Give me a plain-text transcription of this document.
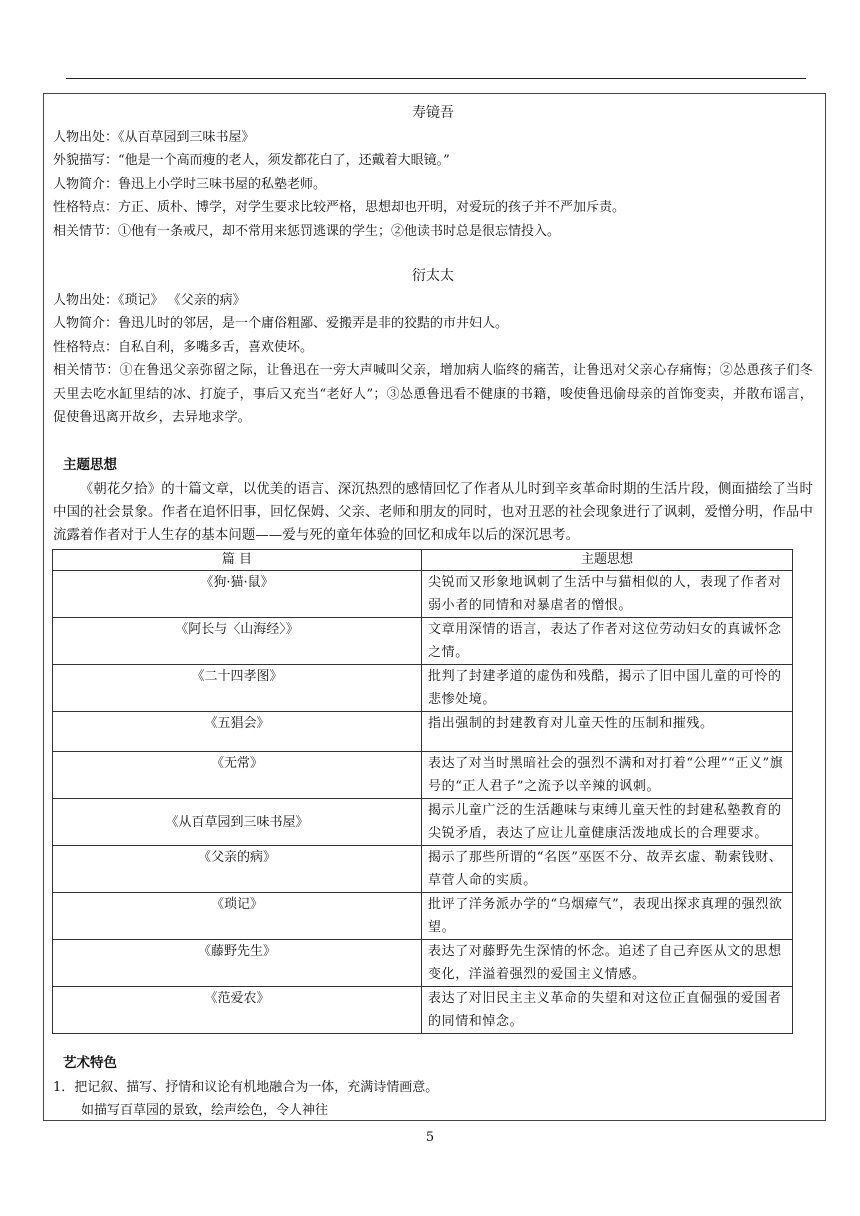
寿镜吾
人物出处：《从百草园到三味书屋》
外貌描写：“他是一个高而瘦的老人，须发都花白了，还戴着大眼镜。”
人物简介：鲁迅上小学时三味书屋的私塾老师。
性格特点：方正、质朴、博学，对学生要求比较严格，思想却也开明，对爱玩的孩子并不严加斥责。
相关情节：①他有一条戒尺，却不常用来惩罚逃课的学生；②他读书时总是很忘情投入。
衍太太
人物出处：《琐记》 《父亲的病》
人物简介：鲁迅儿时的邻居，是一个庸俗粗鄙、爱搬弄是非的狡黠的市井妇人。
性格特点：自私自利，多嘴多舌，喜欢使坏。
相关情节：①在鲁迅父亲弥留之际，让鲁迅在一旁大声喊叫父亲，增加病人临终的痛苦，让鲁迅对父亲心存痛悔；②怂恿孩子们冬天里去吃水缸里结的冰、打旋子，事后又充当“老好人”；③怂恿鲁迅看不健康的书籍，唆使鲁迅偷母亲的首饰变卖，并散布谣言，促使鲁迅离开故乡，去异地求学。
主题思想
《朝花夕拾》的十篇文章，以优美的语言、深沉热烈的感情回忆了作者从儿时到辛亥革命时期的生活片段，侧面描绘了当时中国的社会景象。作者在追怀旧事，回忆保姆、父亲、老师和朋友的同时，也对丑恶的社会现象进行了讽刺，爱憎分明，作品中流露着作者对于人生存的基本问题——爱与死的童年体验的回忆和成年以后的深沉思考。
篇 目	主题思想
《狗·猫·鼠》	尖锐而又形象地讽刺了生活中与猫相似的人，表现了作者对弱小者的同情和对暴虐者的憎恨。
《阿长与〈山海经〉》	文章用深情的语言，表达了作者对这位劳动妇女的真诚怀念之情。
《二十四孝图》	批判了封建孝道的虚伪和残酷，揭示了旧中国儿童的可怜的悲惨处境。
《五猖会》	指出强制的封建教育对儿童天性的压制和摧残。
《无常》	表达了对当时黑暗社会的强烈不满和对打着“公理”“正义”旗号的“正人君子”之流予以辛辣的讽刺。
《从百草园到三味书屋》	揭示儿童广泛的生活趣味与束缚儿童天性的封建私塾教育的尖锐矛盾，表达了应让儿童健康活泼地成长的合理要求。
《父亲的病》	揭示了那些所谓的“名医”巫医不分、故弄玄虚、勒索钱财、草菅人命的实质。
《琐记》	批评了洋务派办学的“乌烟瘴气”，表现出探求真理的强烈欲望。
《藤野先生》	表达了对藤野先生深情的怀念。追述了自己弃医从文的思想变化，洋溢着强烈的爱国主义情感。
《范爱农》	表达了对旧民主主义革命的失望和对这位正直倔强的爱国者的同情和悼念。
艺术特色
1．把记叙、描写、抒情和议论有机地融合为一体，充满诗情画意。
如描写百草园的景致，绘声绘色，令人神往
5
